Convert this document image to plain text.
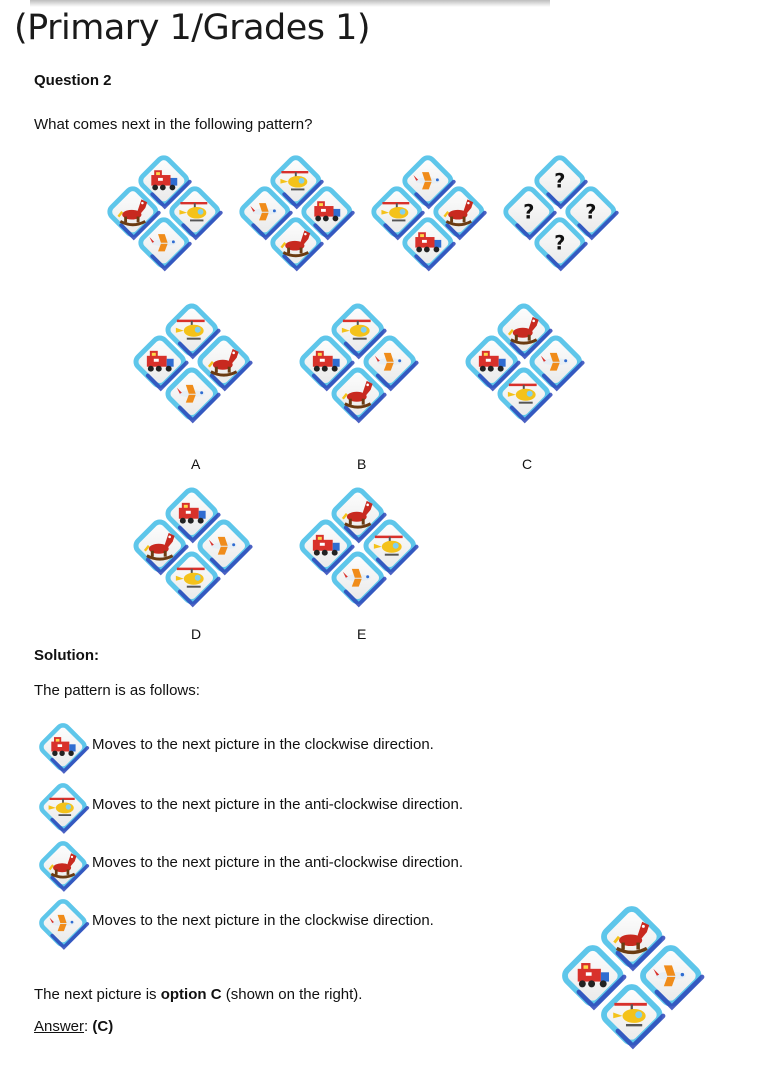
(Primary 1/Grades 1)
Question 2
What comes next in the following pattern?
?
?	?
?
A	B	C
D	E
Solution:
The pattern is as follows:
Moves to the next picture in the clockwise direction.
Moves to the next picture in the anti-clockwise direction.
Moves to the next picture in the anti-clockwise direction.
Moves to the next picture in the clockwise direction.
The next picture is option C (shown on the right).
Answer: (C)
